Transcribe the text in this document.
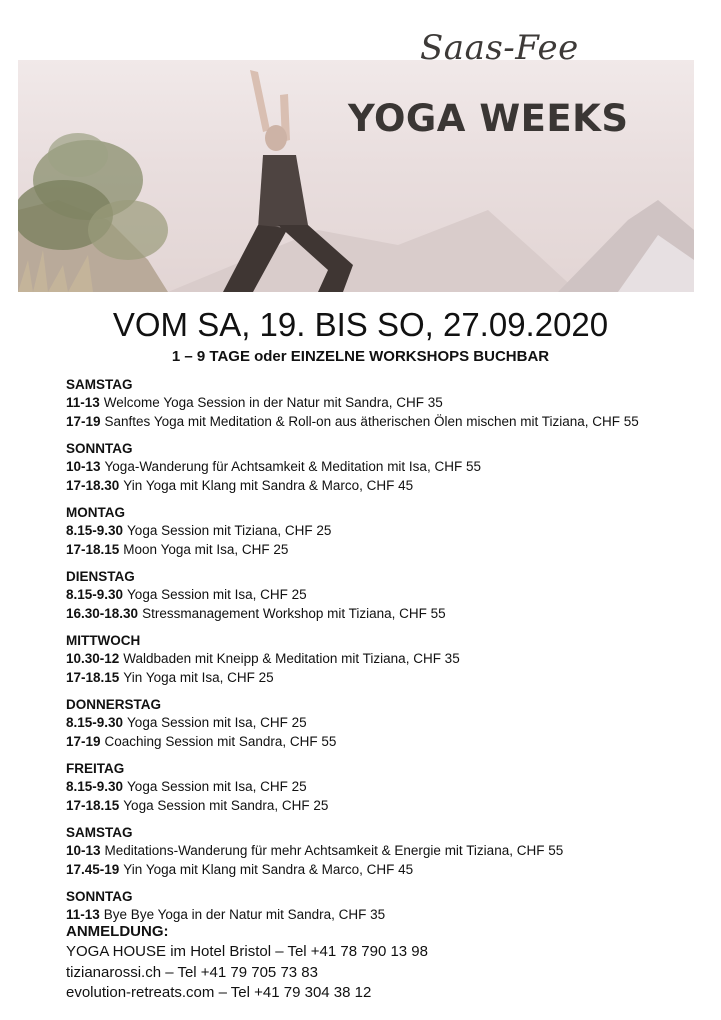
Saas-Fee
YOGA WEEKS
VOM SA, 19. BIS SO, 27.09.2020
1 – 9 TAGE oder EINZELNE WORKSHOPS BUCHBAR
SAMSTAG
11-13 Welcome Yoga Session in der Natur mit Sandra, CHF 35
17-19 Sanftes Yoga mit Meditation & Roll-on aus ätherischen Ölen mischen mit Tiziana, CHF 55
SONNTAG
10-13 Yoga-Wanderung für Achtsamkeit & Meditation mit Isa, CHF 55
17-18.30 Yin Yoga mit Klang mit Sandra & Marco, CHF 45
MONTAG
8.15-9.30 Yoga Session mit Tiziana, CHF 25
17-18.15 Moon Yoga mit Isa, CHF 25
DIENSTAG
8.15-9.30 Yoga Session mit Isa, CHF 25
16.30-18.30 Stressmanagement Workshop mit Tiziana, CHF 55
MITTWOCH
10.30-12 Waldbaden mit Kneipp & Meditation mit Tiziana, CHF 35
17-18.15 Yin Yoga mit Isa, CHF 25
DONNERSTAG
8.15-9.30 Yoga Session mit Isa, CHF 25
17-19 Coaching Session mit Sandra, CHF 55
FREITAG
8.15-9.30 Yoga Session mit Isa, CHF 25
17-18.15 Yoga Session mit Sandra, CHF 25
SAMSTAG
10-13 Meditations-Wanderung für mehr Achtsamkeit & Energie mit Tiziana, CHF 55
17.45-19 Yin Yoga mit Klang mit Sandra & Marco, CHF 45
SONNTAG
11-13 Bye Bye Yoga in der Natur mit Sandra, CHF 35
ANMELDUNG:
YOGA HOUSE im Hotel Bristol – Tel +41 78 790 13 98
tizianarossi.ch – Tel +41 79 705 73 83
evolution-retreats.com – Tel +41 79 304 38 12
